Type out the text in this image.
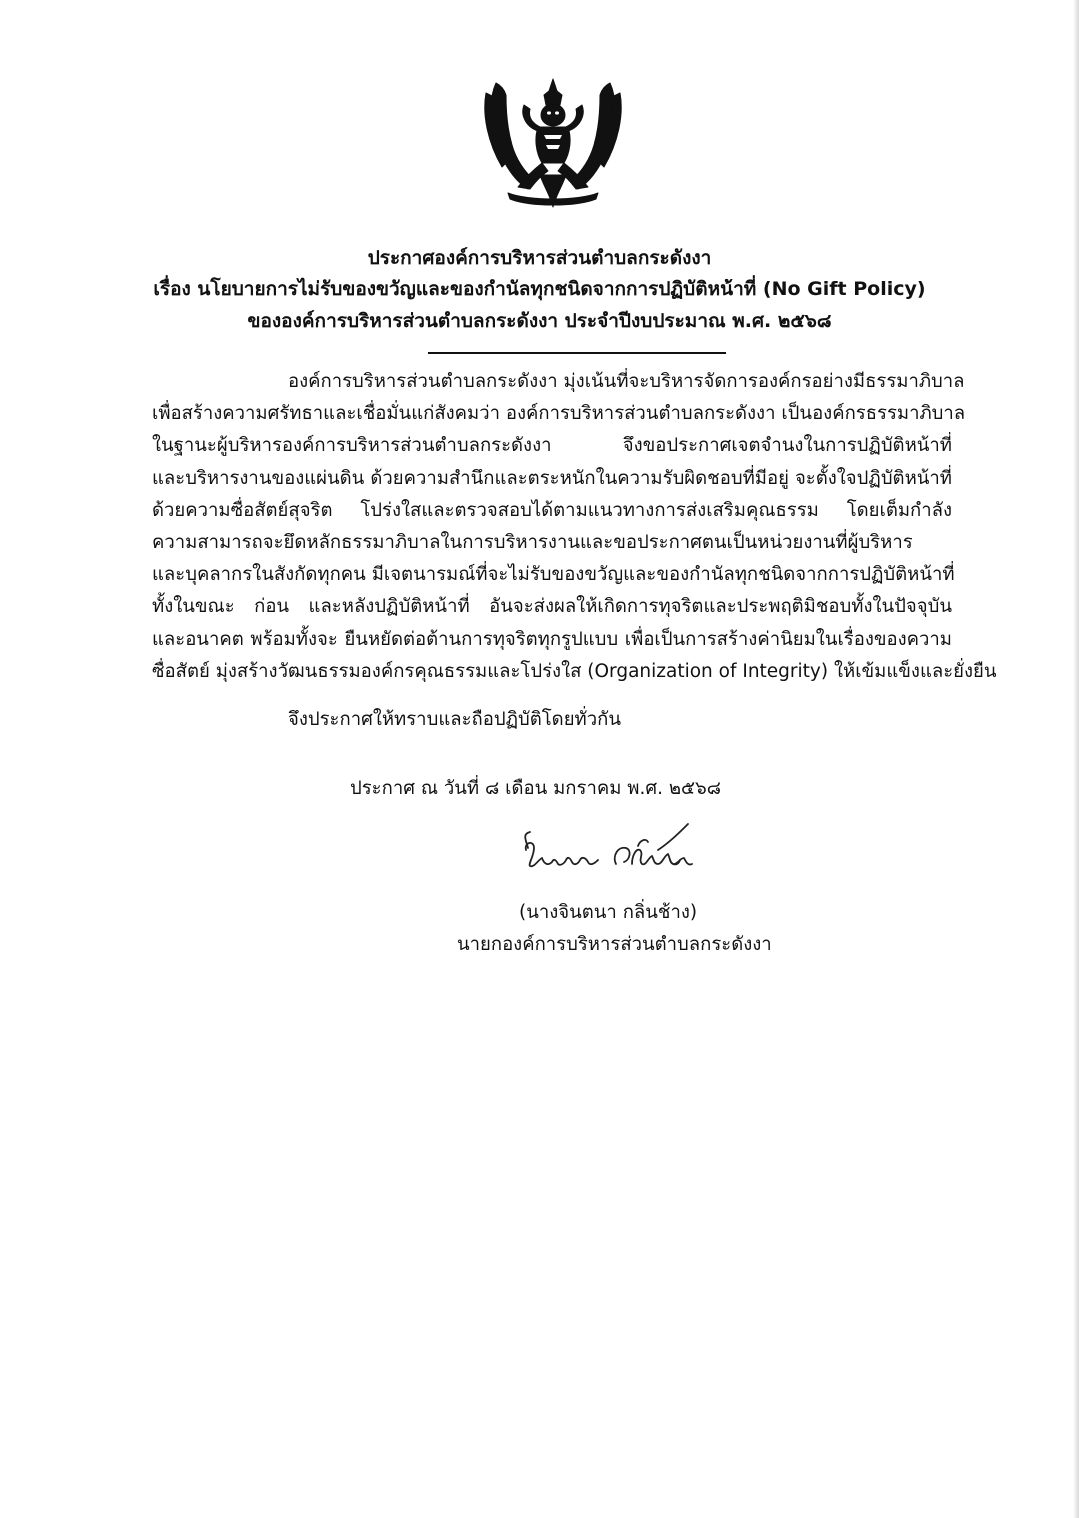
ประกาศองค์การบริหารส่วนตำบลกระดังงา
เรื่อง นโยบายการไม่รับของขวัญและของกำนัลทุกชนิดจากการปฏิบัติหน้าที่ (No Gift Policy)
ขององค์การบริหารส่วนตำบลกระดังงา ประจำปีงบประมาณ พ.ศ. ๒๕๖๘
องค์การบริหารส่วนตำบลกระดังงา มุ่งเน้นที่จะบริหารจัดการองค์กรอย่างมีธรรมาภิบาล
เพื่อสร้างความศรัทธาและเชื่อมั่นแก่สังคมว่า องค์การบริหารส่วนตำบลกระดังงา เป็นองค์กรธรรมาภิบาล
ในฐานะผู้บริหารองค์การบริหารส่วนตำบลกระดังงา จึงขอประกาศเจตจำนงในการปฏิบัติหน้าที่
และบริหารงานของแผ่นดิน ด้วยความสำนึกและตระหนักในความรับผิดชอบที่มีอยู่ จะตั้งใจปฏิบัติหน้าที่
ด้วยความซื่อสัตย์สุจริต โปร่งใสและตรวจสอบได้ตามแนวทางการส่งเสริมคุณธรรม โดยเต็มกำลัง
ความสามารถจะยึดหลักธรรมาภิบาลในการบริหารงานและขอประกาศตนเป็นหน่วยงานที่ผู้บริหาร
และบุคลากรในสังกัดทุกคน มีเจตนารมณ์ที่จะไม่รับของขวัญและของกำนัลทุกชนิดจากการปฏิบัติหน้าที่
ทั้งในขณะ ก่อน และหลังปฏิบัติหน้าที่ อันจะส่งผลให้เกิดการทุจริตและประพฤติมิชอบทั้งในปัจจุบัน
และอนาคต พร้อมทั้งจะ ยืนหยัดต่อต้านการทุจริตทุกรูปแบบ เพื่อเป็นการสร้างค่านิยมในเรื่องของความ
ซื่อสัตย์ มุ่งสร้างวัฒนธรรมองค์กรคุณธรรมและโปร่งใส (Organization of Integrity) ให้เข้มแข็งและยั่งยืน
จึงประกาศให้ทราบและถือปฏิบัติโดยทั่วกัน
ประกาศ ณ วันที่ ๘ เดือน มกราคม พ.ศ. ๒๕๖๘
(นางจินตนา กลิ่นช้าง)
นายกองค์การบริหารส่วนตำบลกระดังงา
